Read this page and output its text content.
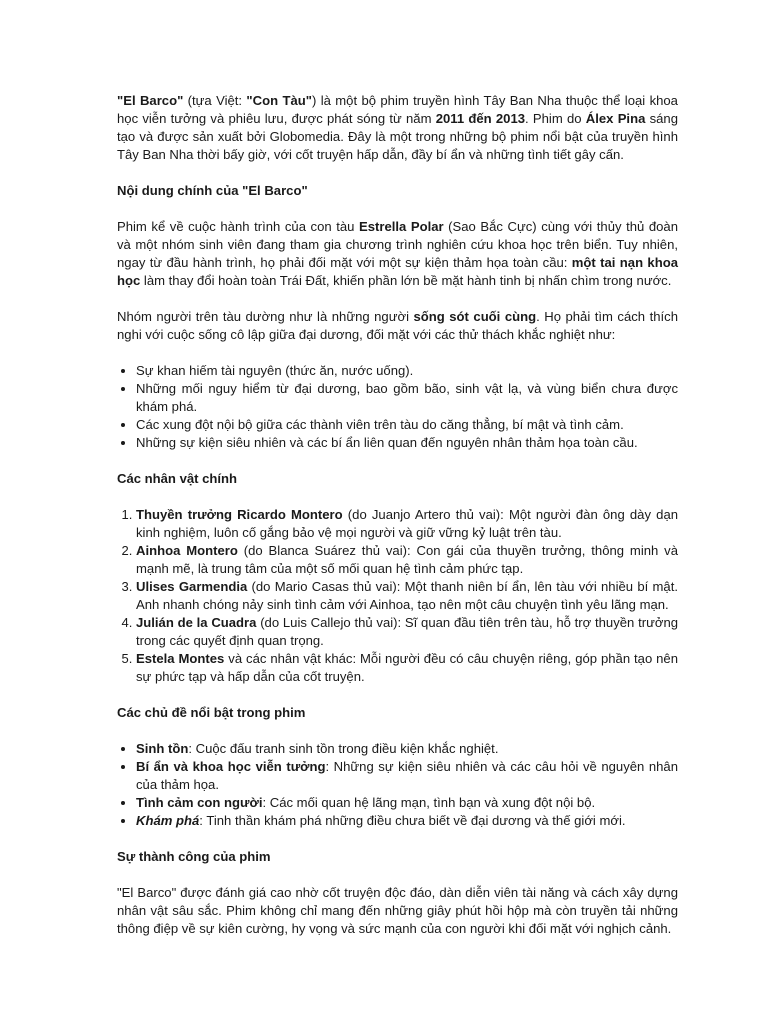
"El Barco" (tựa Việt: "Con Tàu") là một bộ phim truyền hình Tây Ban Nha thuộc thể loại khoa học viễn tưởng và phiêu lưu, được phát sóng từ năm 2011 đến 2013. Phim do Álex Pina sáng tạo và được sản xuất bởi Globomedia. Đây là một trong những bộ phim nổi bật của truyền hình Tây Ban Nha thời bấy giờ, với cốt truyện hấp dẫn, đầy bí ẩn và những tình tiết gây cấn.

Nội dung chính của "El Barco"

Phim kể về cuộc hành trình của con tàu Estrella Polar (Sao Bắc Cực) cùng với thủy thủ đoàn và một nhóm sinh viên đang tham gia chương trình nghiên cứu khoa học trên biển. Tuy nhiên, ngay từ đầu hành trình, họ phải đối mặt với một sự kiện thảm họa toàn cầu: một tai nạn khoa học làm thay đổi hoàn toàn Trái Đất, khiến phần lớn bề mặt hành tinh bị nhấn chìm trong nước.

Nhóm người trên tàu dường như là những người sống sót cuối cùng. Họ phải tìm cách thích nghi với cuộc sống cô lập giữa đại dương, đối mặt với các thử thách khắc nghiệt như:

• Sự khan hiếm tài nguyên (thức ăn, nước uống).
• Những mối nguy hiểm từ đại dương, bao gồm bão, sinh vật lạ, và vùng biển chưa được khám phá.
• Các xung đột nội bộ giữa các thành viên trên tàu do căng thẳng, bí mật và tình cảm.
• Những sự kiện siêu nhiên và các bí ẩn liên quan đến nguyên nhân thảm họa toàn cầu.

Các nhân vật chính

1. Thuyền trưởng Ricardo Montero (do Juanjo Artero thủ vai): Một người đàn ông dày dạn kinh nghiệm, luôn cố gắng bảo vệ mọi người và giữ vững kỷ luật trên tàu.
2. Ainhoa Montero (do Blanca Suárez thủ vai): Con gái của thuyền trưởng, thông minh và mạnh mẽ, là trung tâm của một số mối quan hệ tình cảm phức tạp.
3. Ulises Garmendia (do Mario Casas thủ vai): Một thanh niên bí ẩn, lên tàu với nhiều bí mật. Anh nhanh chóng nảy sinh tình cảm với Ainhoa, tạo nên một câu chuyện tình yêu lãng mạn.
4. Julián de la Cuadra (do Luis Callejo thủ vai): Sĩ quan đầu tiên trên tàu, hỗ trợ thuyền trưởng trong các quyết định quan trọng.
5. Estela Montes và các nhân vật khác: Mỗi người đều có câu chuyện riêng, góp phần tạo nên sự phức tạp và hấp dẫn của cốt truyện.

Các chủ đề nổi bật trong phim

• Sinh tồn: Cuộc đấu tranh sinh tồn trong điều kiện khắc nghiệt.
• Bí ẩn và khoa học viễn tưởng: Những sự kiện siêu nhiên và các câu hỏi về nguyên nhân của thảm họa.
• Tình cảm con người: Các mối quan hệ lãng mạn, tình bạn và xung đột nội bộ.
• Khám phá: Tinh thần khám phá những điều chưa biết về đại dương và thế giới mới.

Sự thành công của phim

"El Barco" được đánh giá cao nhờ cốt truyện độc đáo, dàn diễn viên tài năng và cách xây dựng nhân vật sâu sắc. Phim không chỉ mang đến những giây phút hồi hộp mà còn truyền tải những thông điệp về sự kiên cường, hy vọng và sức mạnh của con người khi đối mặt với nghịch cảnh.
